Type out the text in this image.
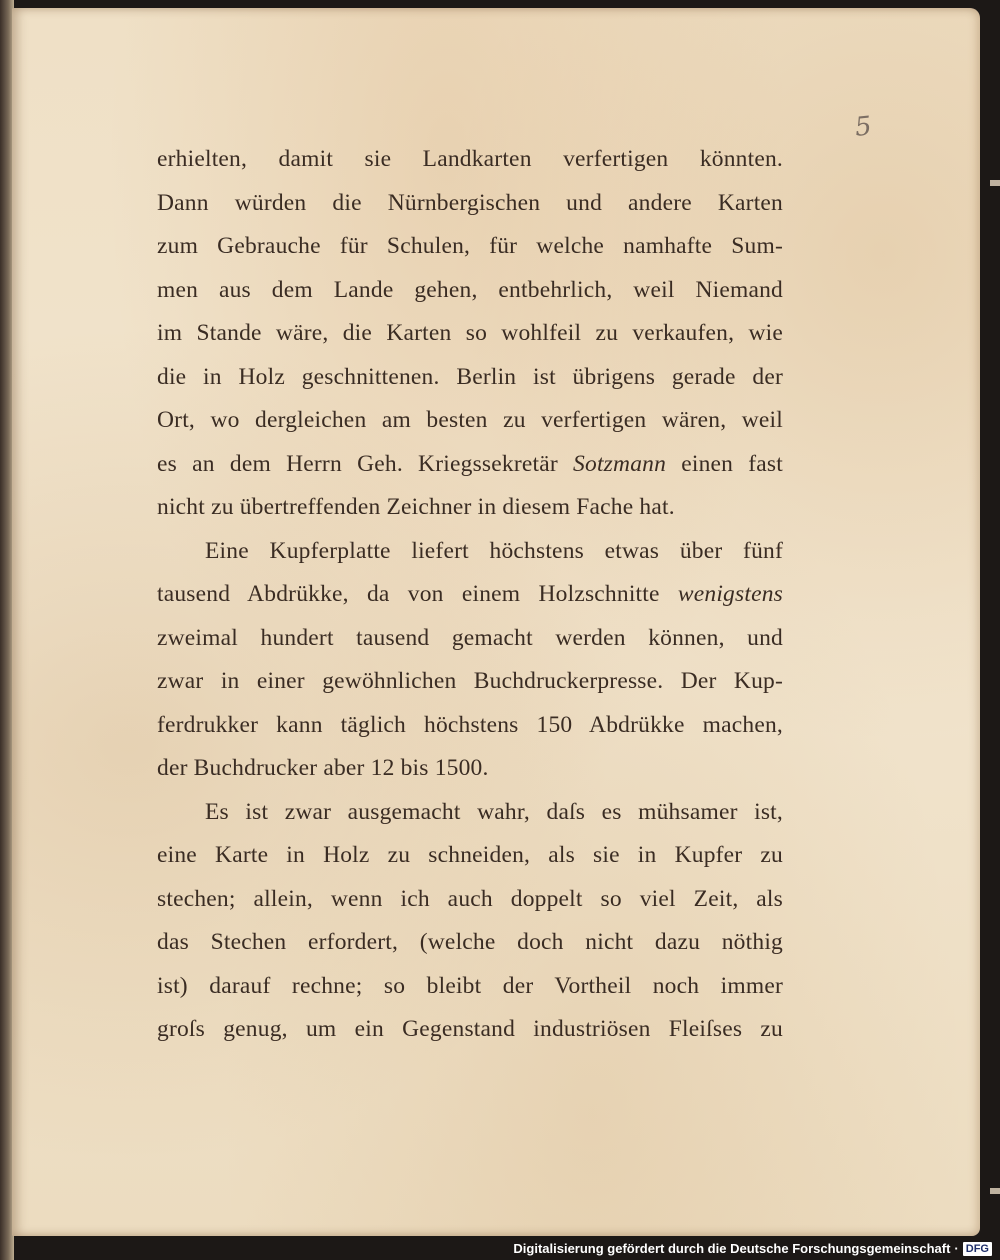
5
erhielten, damit sie Landkarten verfertigen könnten.
Dann würden die Nürnbergischen und andere Karten
zum Gebrauche für Schulen, für welche namhafte Sum-
men aus dem Lande gehen, entbehrlich, weil Niemand
im Stande wäre, die Karten so wohlfeil zu verkaufen, wie
die in Holz geschnittenen. Berlin ist übrigens gerade der
Ort, wo dergleichen am besten zu verfertigen wären, weil
es an dem Herrn Geh. Kriegssekretär Sotzmann einen fast
nicht zu übertreffenden Zeichner in diesem Fache hat.
Eine Kupferplatte liefert höchstens etwas über fünf
tausend Abdrükke, da von einem Holzschnitte wenigstens
zweimal hundert tausend gemacht werden können, und
zwar in einer gewöhnlichen Buchdruckerpresse. Der Kup-
ferdrukker kann täglich höchstens 150 Abdrükke machen,
der Buchdrucker aber 12 bis 1500.
Es ist zwar ausgemacht wahr, daſs es mühsamer ist,
eine Karte in Holz zu schneiden, als sie in Kupfer zu
stechen; allein, wenn ich auch doppelt so viel Zeit, als
das Stechen erfordert, (welche doch nicht dazu nöthig
ist) darauf rechne; so bleibt der Vortheil noch immer
groſs genug, um ein Gegenstand industriösen Fleiſses zu
Digitalisierung gefördert durch die Deutsche Forschungsgemeinschaft · DFG
